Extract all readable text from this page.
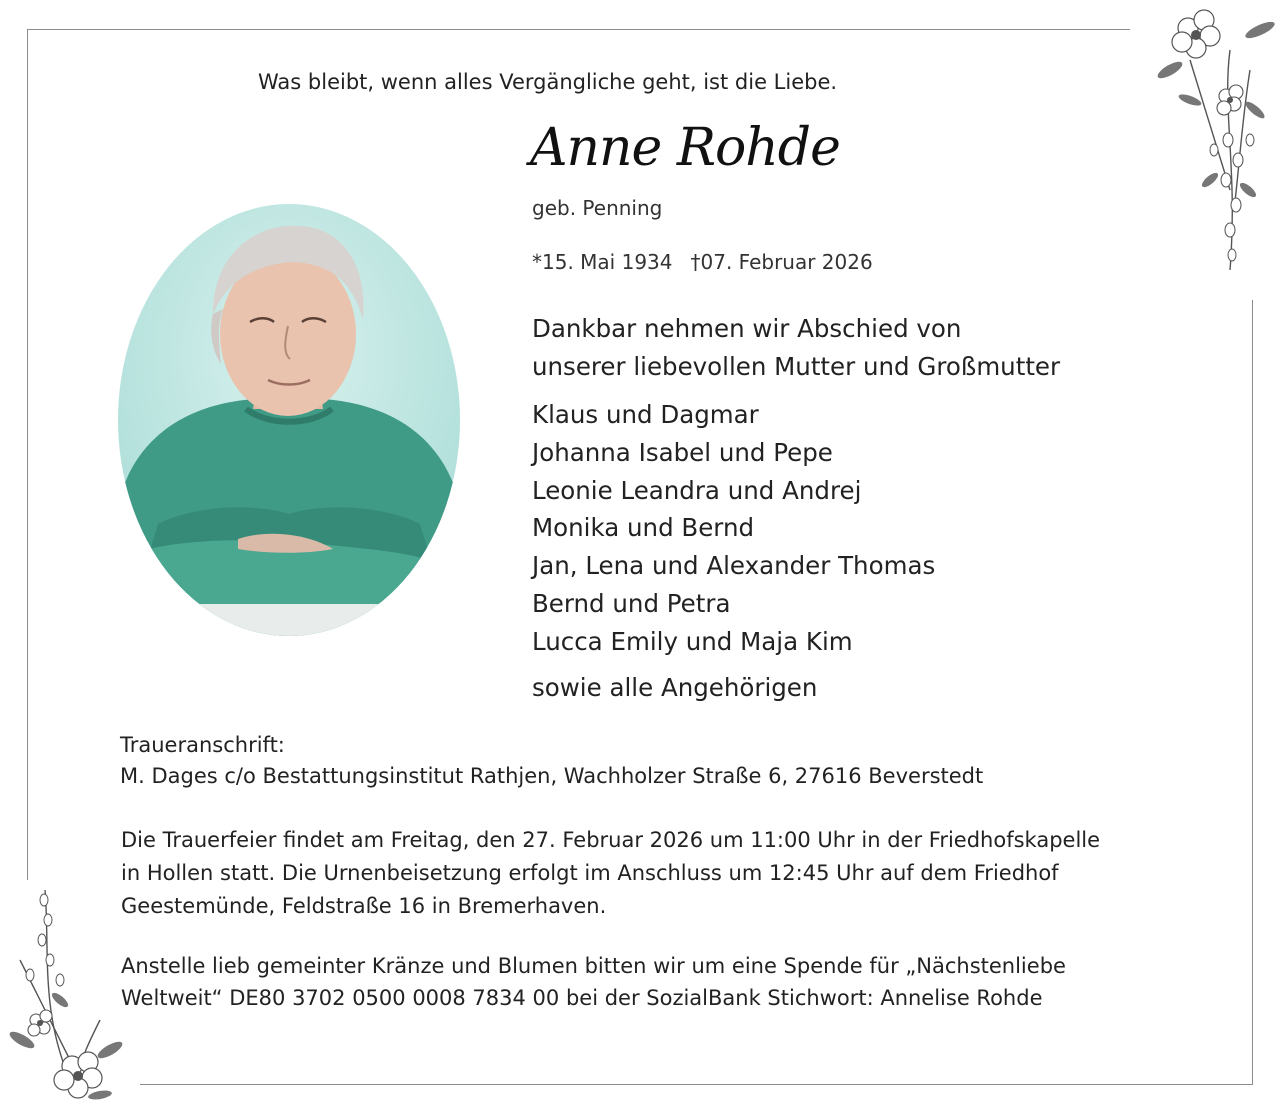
Was bleibt, wenn alles Vergängliche geht, ist die Liebe.
Anne Rohde
geb. Penning
*15. Mai 1934 †07. Februar 2026
Dankbar nehmen wir Abschied von
unserer liebevollen Mutter und Großmutter
Klaus und Dagmar
Johanna Isabel und Pepe
Leonie Leandra und Andrej
Monika und Bernd
Jan, Lena und Alexander Thomas
Bernd und Petra
Lucca Emily und Maja Kim
sowie alle Angehörigen
Traueranschrift:
M. Dages c/o Bestattungsinstitut Rathjen, Wachholzer Straße 6, 27616 Beverstedt
Die Trauerfeier findet am Freitag, den 27. Februar 2026 um 11:00 Uhr in der Friedhofskapelle
in Hollen statt. Die Urnenbeisetzung erfolgt im Anschluss um 12:45 Uhr auf dem Friedhof
Geestemünde, Feldstraße 16 in Bremerhaven.
Anstelle lieb gemeinter Kränze und Blumen bitten wir um eine Spende für „Nächstenliebe
Weltweit“ DE80 3702 0500 0008 7834 00 bei der SozialBank Stichwort: Annelise Rohde
